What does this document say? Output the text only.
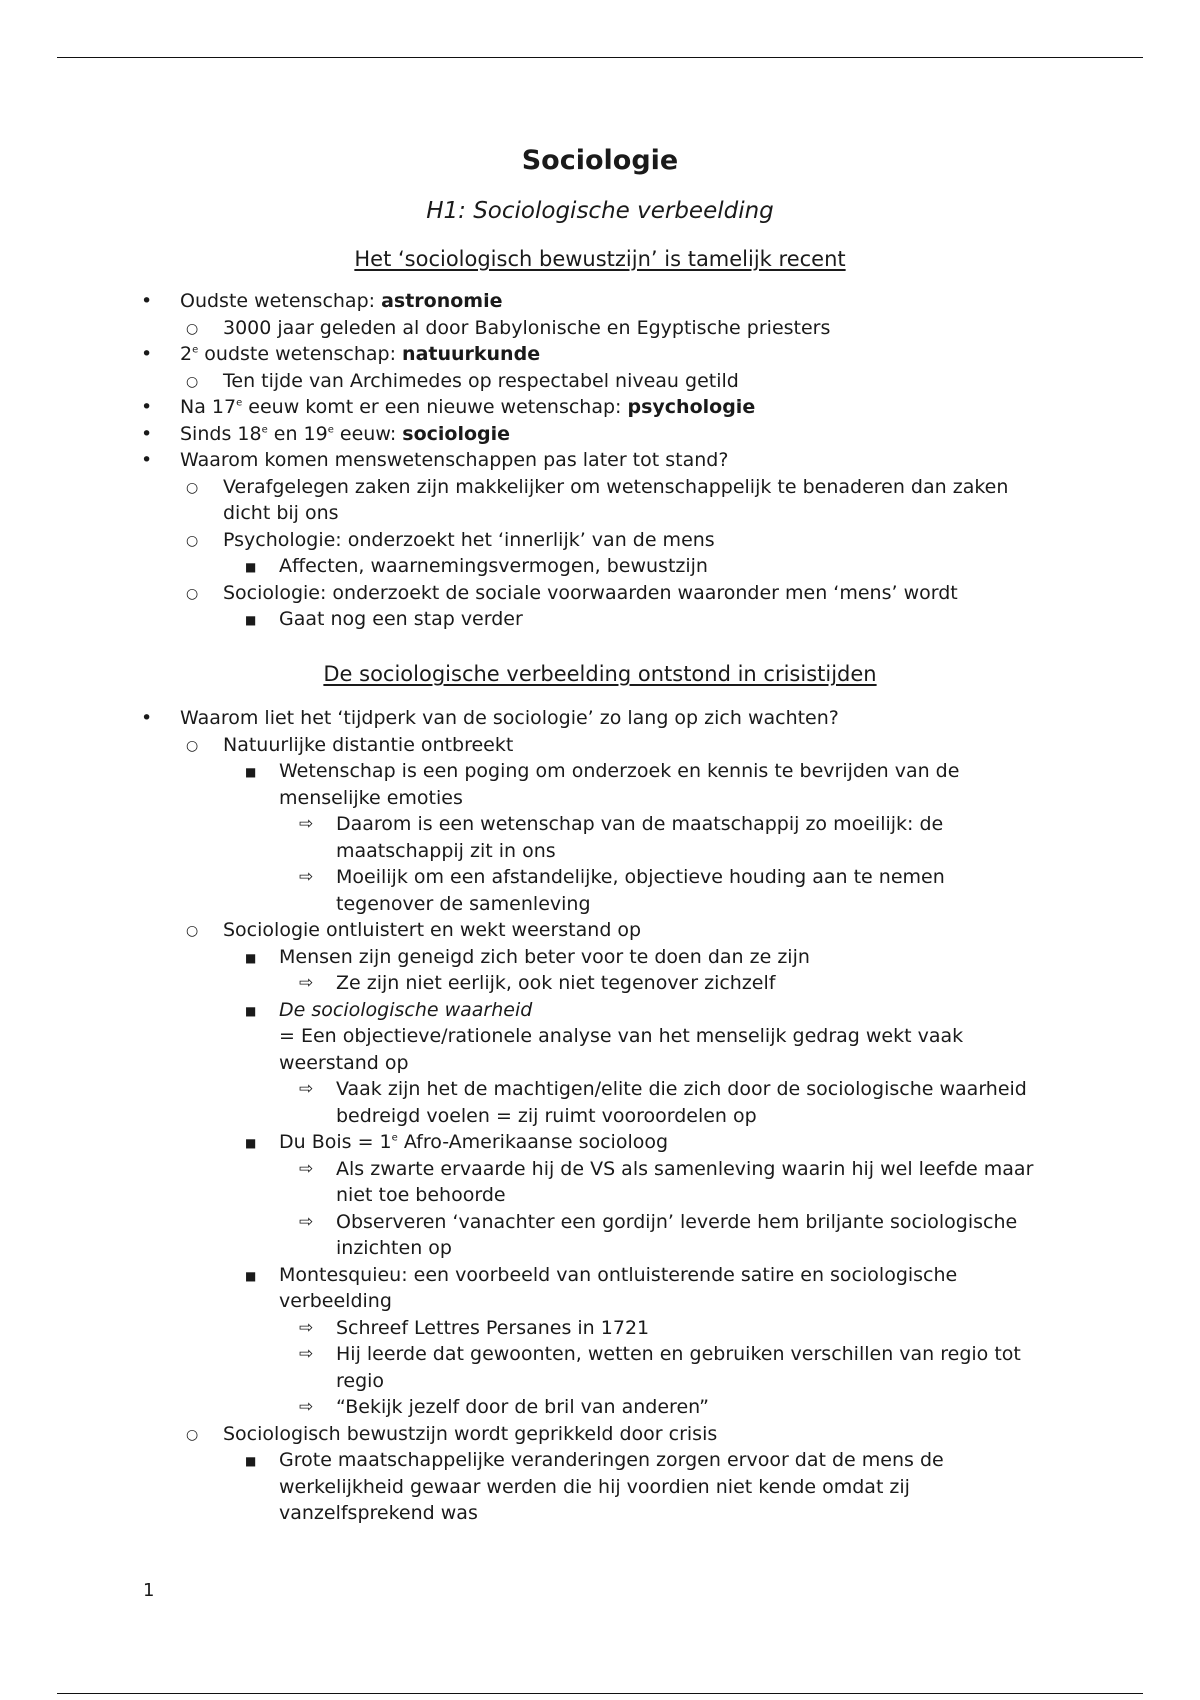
Sociologie
H1: Sociologische verbeelding
Het ‘sociologisch bewustzijn’ is tamelijk recent
• Oudste wetenschap: astronomie
○ 3000 jaar geleden al door Babylonische en Egyptische priesters
• 2e oudste wetenschap: natuurkunde
○ Ten tijde van Archimedes op respectabel niveau getild
• Na 17e eeuw komt er een nieuwe wetenschap: psychologie
• Sinds 18e en 19e eeuw: sociologie
• Waarom komen menswetenschappen pas later tot stand?
○ Verafgelegen zaken zijn makkelijker om wetenschappelijk te benaderen dan zaken dicht bij ons
○ Psychologie: onderzoekt het ‘innerlijk’ van de mens
■ Affecten, waarnemingsvermogen, bewustzijn
○ Sociologie: onderzoekt de sociale voorwaarden waaronder men ‘mens’ wordt
■ Gaat nog een stap verder
De sociologische verbeelding ontstond in crisistijden
• Waarom liet het ‘tijdperk van de sociologie’ zo lang op zich wachten?
○ Natuurlijke distantie ontbreekt
■ Wetenschap is een poging om onderzoek en kennis te bevrijden van de menselijke emoties
⇨ Daarom is een wetenschap van de maatschappij zo moeilijk: de maatschappij zit in ons
⇨ Moeilijk om een afstandelijke, objectieve houding aan te nemen tegenover de samenleving
○ Sociologie ontluistert en wekt weerstand op
■ Mensen zijn geneigd zich beter voor te doen dan ze zijn
⇨ Ze zijn niet eerlijk, ook niet tegenover zichzelf
■ De sociologische waarheid
= Een objectieve/rationele analyse van het menselijk gedrag wekt vaak weerstand op
⇨ Vaak zijn het de machtigen/elite die zich door de sociologische waarheid bedreigd voelen = zij ruimt vooroordelen op
■ Du Bois = $1^e$ Afro-Amerikaanse socioloog
⇨ Als zwarte ervaarde hij de VS als samenleving waarin hij wel leefde maar niet toe behoorde
⇨ Observeren ‘vanachter een gordijn’ leverde hem briljante sociologische inzichten op
■ Montesquieu: een voorbeeld van ontluisterende satire en sociologische verbeelding
⇨ Schreef Lettres Persanes in 1721
⇨ Hij leerde dat gewoonten, wetten en gebruiken verschillen van regio tot regio
⇨ “Bekijk jezelf door de bril van anderen”
○ Sociologisch bewustzijn wordt geprikkeld door crisis
■ Grote maatschappelijke veranderingen zorgen ervoor dat de mens de werkelijkheid gewaar werden die hij voordien niet kende omdat zij vanzelfsprekend was
1
